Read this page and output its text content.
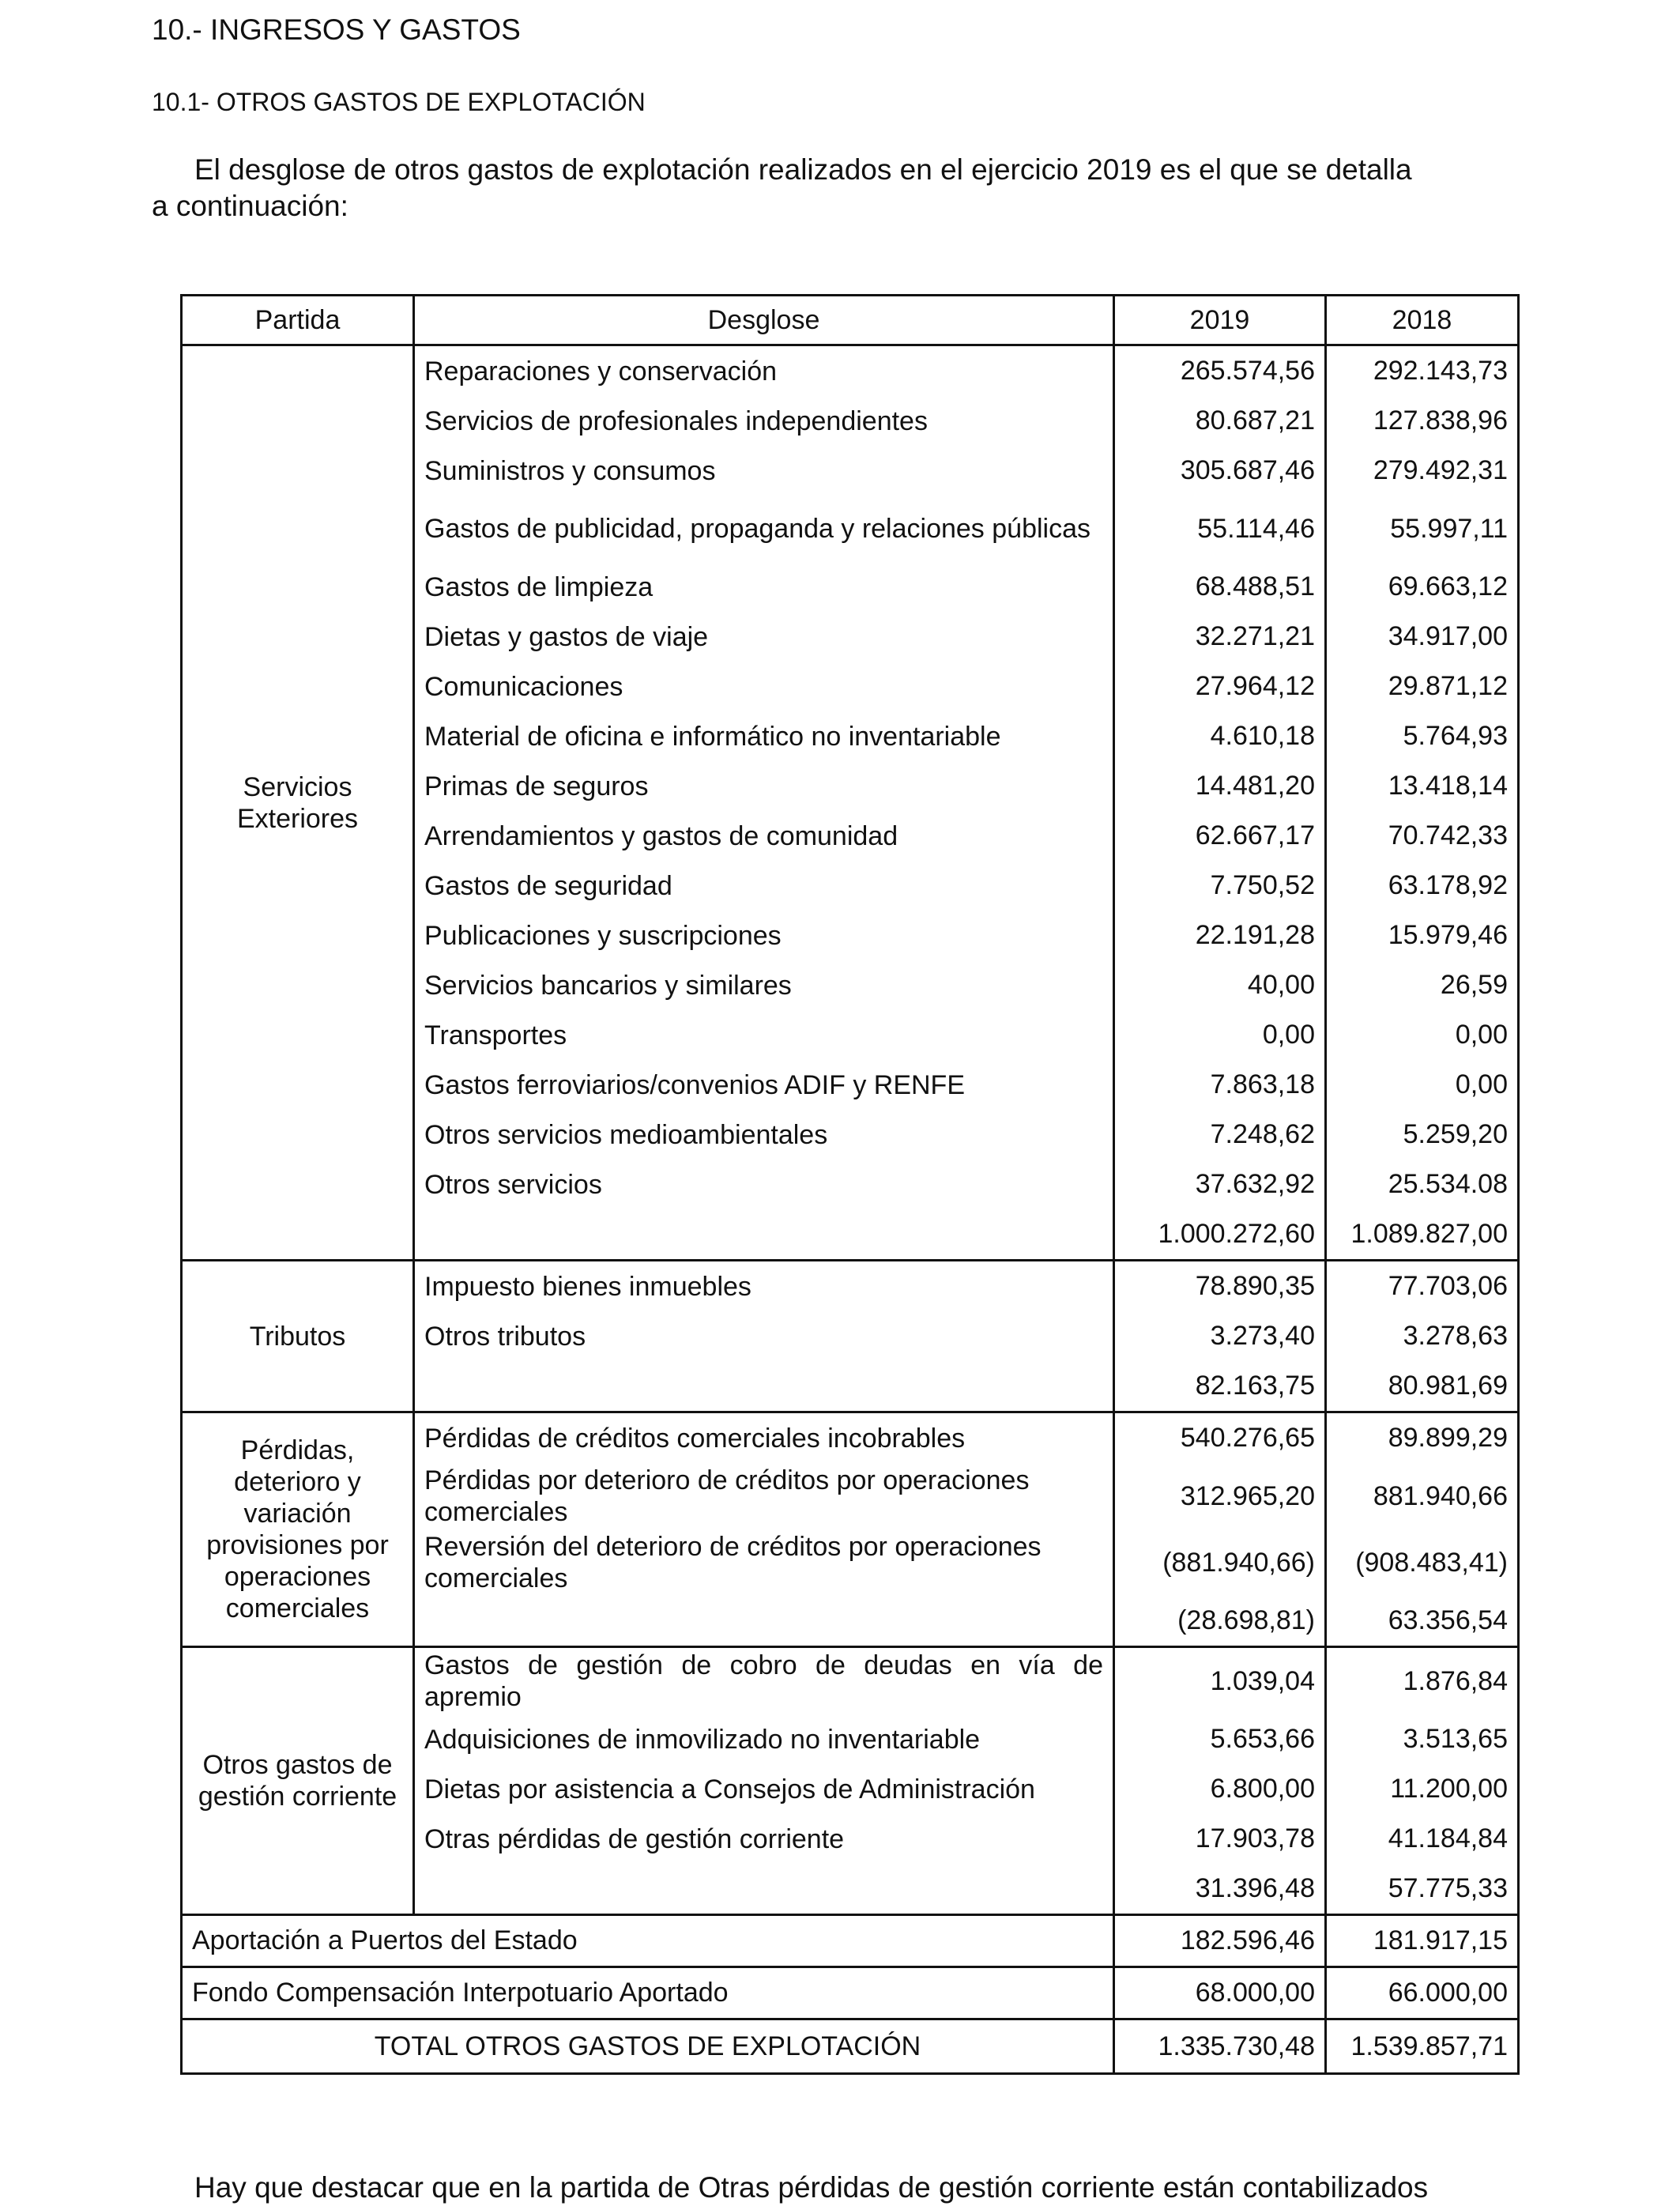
10.- INGRESOS Y GASTOS
10.1- OTROS GASTOS DE EXPLOTACIÓN
El desglose de otros gastos de explotación realizados en el ejercicio 2019 es el que se detalla
a continuación:
Partida	Desglose	2019	2018
Servicios Exteriores	Reparaciones y conservación	265.574,56	292.143,73
	Servicios de profesionales independientes	80.687,21	127.838,96
	Suministros y consumos	305.687,46	279.492,31
	Gastos de publicidad, propaganda y relaciones públicas	55.114,46	55.997,11
	Gastos de limpieza	68.488,51	69.663,12
	Dietas y gastos de viaje	32.271,21	34.917,00
	Comunicaciones	27.964,12	29.871,12
	Material de oficina e informático no inventariable	4.610,18	5.764,93
	Primas de seguros	14.481,20	13.418,14
	Arrendamientos y gastos de comunidad	62.667,17	70.742,33
	Gastos de seguridad	7.750,52	63.178,92
	Publicaciones y suscripciones	22.191,28	15.979,46
	Servicios bancarios y similares	40,00	26,59
	Transportes	0,00	0,00
	Gastos ferroviarios/convenios ADIF y RENFE	7.863,18	0,00
	Otros servicios medioambientales	7.248,62	5.259,20
	Otros servicios	37.632,92	25.534.08
		1.000.272,60	1.089.827,00
Tributos	Impuesto bienes inmuebles	78.890,35	77.703,06
	Otros tributos	3.273,40	3.278,63
		82.163,75	80.981,69
Pérdidas, deterioro y variación provisiones por operaciones comerciales	Pérdidas de créditos comerciales incobrables	540.276,65	89.899,29
	Pérdidas por deterioro de créditos por operaciones comerciales	312.965,20	881.940,66
	Reversión del deterioro de créditos por operaciones comerciales	(881.940,66)	(908.483,41)
		(28.698,81)	63.356,54
Otros gastos de gestión corriente	Gastos de gestión de cobro de deudas en vía de apremio	1.039,04	1.876,84
	Adquisiciones de inmovilizado no inventariable	5.653,66	3.513,65
	Dietas por asistencia a Consejos de Administración	6.800,00	11.200,00
	Otras pérdidas de gestión corriente	17.903,78	41.184,84
		31.396,48	57.775,33
Aportación a Puertos del Estado		182.596,46	181.917,15
Fondo Compensación Interpotuario Aportado		68.000,00	66.000,00
TOTAL OTROS GASTOS DE EXPLOTACIÓN		1.335.730,48	1.539.857,71
Hay que destacar que en la partida de Otras pérdidas de gestión corriente están contabilizados
